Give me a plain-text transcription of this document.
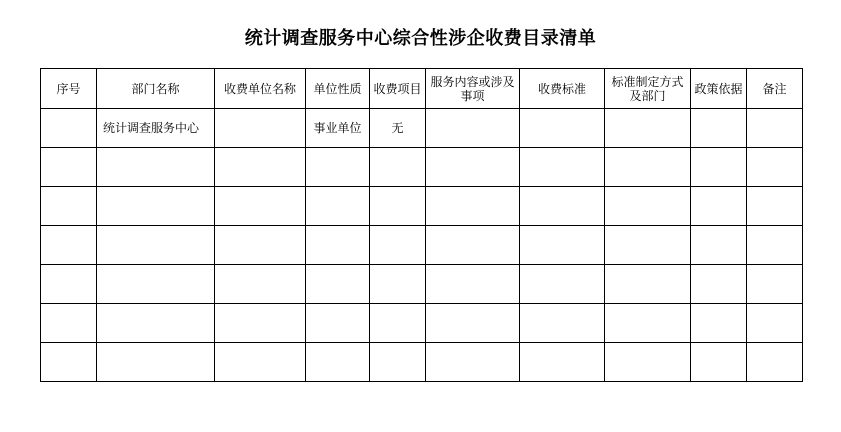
统计调查服务中心综合性涉企收费目录清单
序号	部门名称	收费单位名称	单位性质	收费项目	服务内容或涉及事项	收费标准	标准制定方式及部门	政策依据	备注
	统计调查服务中心		事业单位	无					
